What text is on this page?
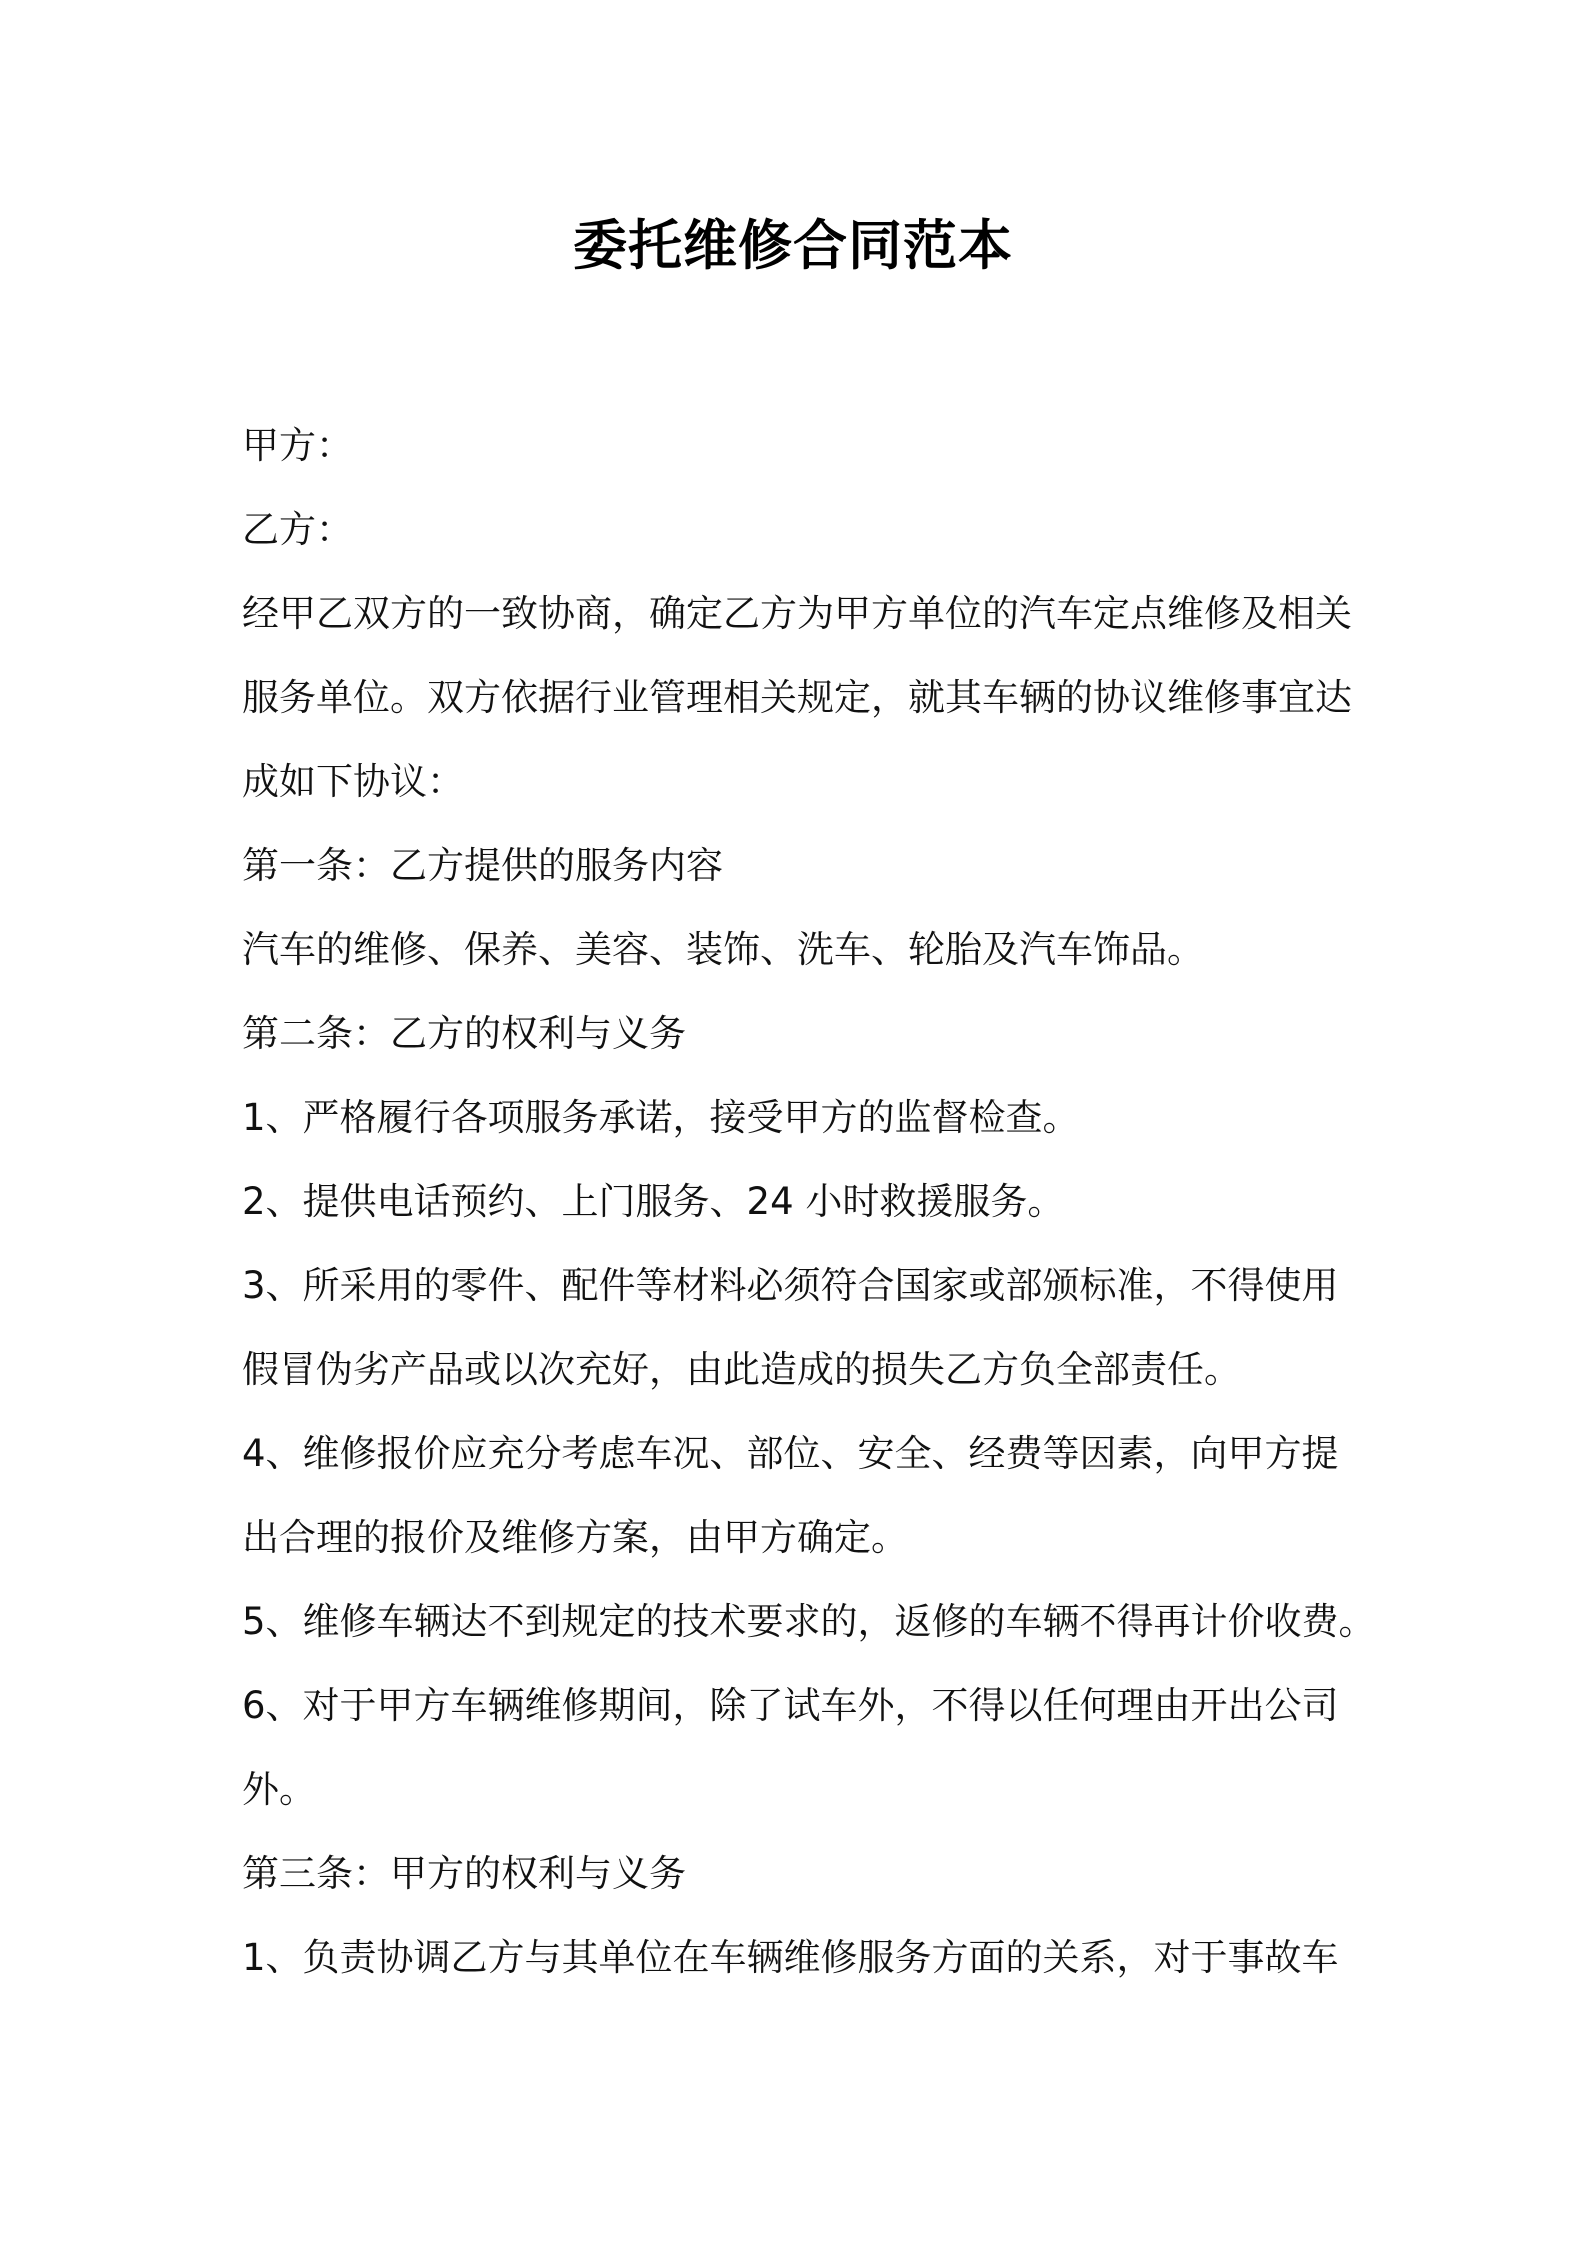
委托维修合同范本
甲方：
乙方：
经甲乙双方的一致协商，确定乙方为甲方单位的汽车定点维修及相关
服务单位。双方依据行业管理相关规定，就其车辆的协议维修事宜达
成如下协议：
第一条：乙方提供的服务内容
汽车的维修、保养、美容、装饰、洗车、轮胎及汽车饰品。
第二条：乙方的权利与义务
1、严格履行各项服务承诺，接受甲方的监督检查。
2、提供电话预约、上门服务、24 小时救援服务。
3、所采用的零件、配件等材料必须符合国家或部颁标准，不得使用
假冒伪劣产品或以次充好，由此造成的损失乙方负全部责任。
4、维修报价应充分考虑车况、部位、安全、经费等因素，向甲方提
出合理的报价及维修方案，由甲方确定。
5、维修车辆达不到规定的技术要求的，返修的车辆不得再计价收费。
6、对于甲方车辆维修期间，除了试车外，不得以任何理由开出公司
外。
第三条：甲方的权利与义务
1、负责协调乙方与其单位在车辆维修服务方面的关系，对于事故车
